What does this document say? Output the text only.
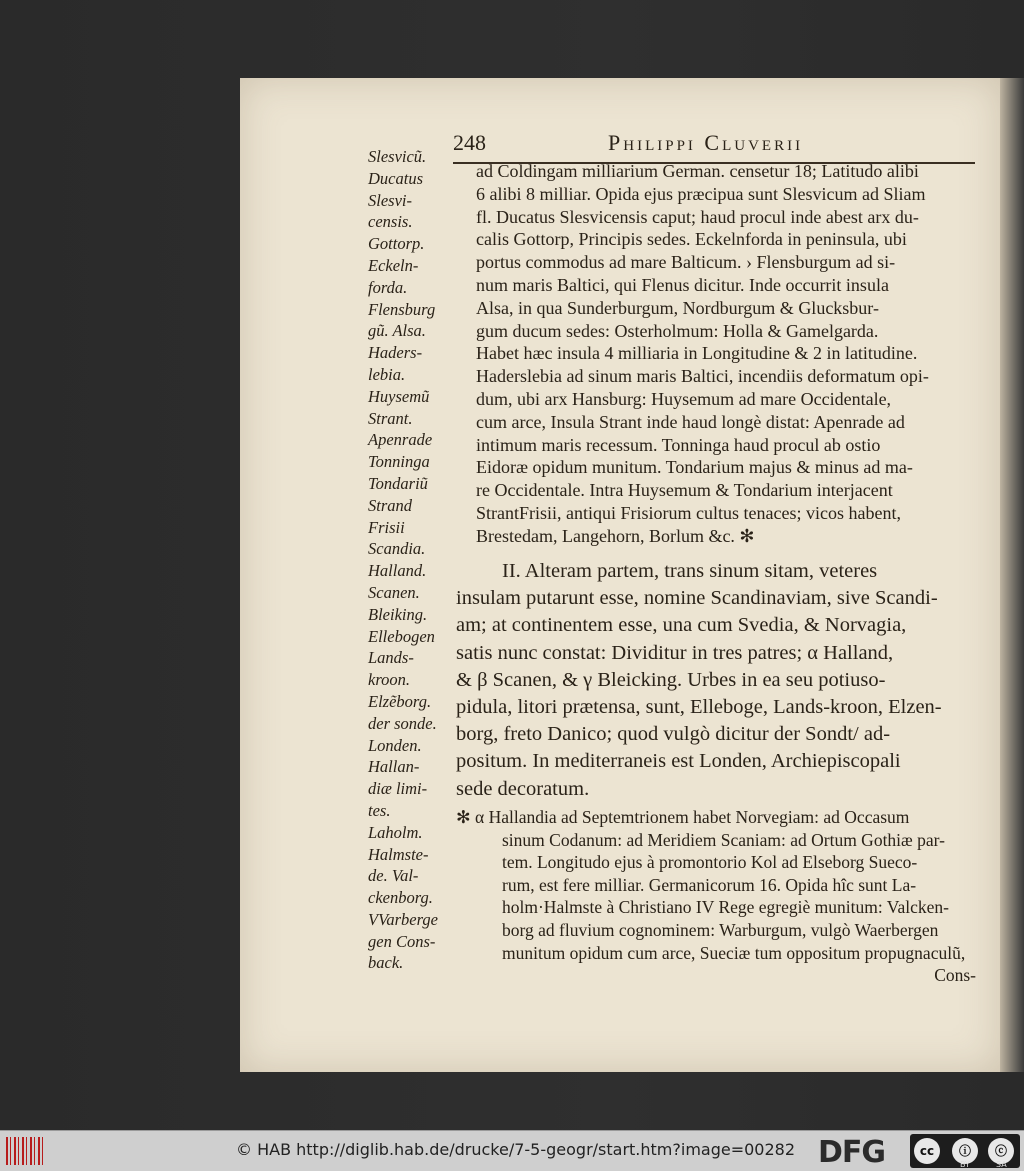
248	Philippi Cluverii
Slesvicũ.
Ducatus
Slesvi-
censis.
Gottorp.
Eckeln-
forda.
Flensburg
gũ. Alsa.
Haders-
lebia.
Huysemũ
Strant.
Apenrade
Tonninga
Tondariũ
Strand
Frisii
Scandia.
Halland.
Scanen.
Bleiking.
Ellebogen
Lands-
kroon.
Elzẽborg.
der sonde.
Londen.
Hallan-
diæ limi-
tes.
Laholm.
Halmste-
de. Val-
ckenborg.
VVarberge
gen Cons-
back.
ad Coldingam milliarium German. censetur 18; Latitudo alibi
6 alibi 8 milliar. Opida ejus præcipua sunt Slesvicum ad Sliam
fl. Ducatus Slesvicensis caput; haud procul inde abest arx du-
calis Gottorp, Principis sedes. Eckelnforda in peninsula, ubi
portus commodus ad mare Balticum. › Flensburgum ad si-
num maris Baltici, qui Flenus dicitur. Inde occurrit insula
Alsa, in qua Sunderburgum, Nordburgum & Glucksbur-
gum ducum sedes: Osterholmum: Holla & Gamelgarda.
Habet hæc insula 4 milliaria in Longitudine & 2 in latitudine.
Haderslebia ad sinum maris Baltici, incendiis deformatum opi-
dum, ubi arx Hansburg: Huysemum ad mare Occidentale,
cum arce, Insula Strant inde haud longè distat: Apenrade ad
intimum maris recessum. Tonninga haud procul ab ostio
Eidoræ opidum munitum. Tondarium majus & minus ad ma-
re Occidentale. Intra Huysemum & Tondarium interjacent
StrantFrisii, antiqui Frisiorum cultus tenaces; vicos habent,
Brestedam, Langehorn, Borlum &c. ✻
II. Alteram partem, trans sinum sitam, veteres
insulam putarunt esse, nomine Scandinaviam, sive Scandi-
am; at continentem esse, una cum Svedia, & Norvagia,
satis nunc constat: Dividitur in tres patres; α Halland,
& β Scanen, & γ Bleicking. Urbes in ea seu potiuso-
pidula, litori prætensa, sunt, Elleboge, Lands-kroon, Elzen-
borg, freto Danico; quod vulgò dicitur der Sondt/ ad-
positum. In mediterraneis est Londen, Archiepiscopali
sede decoratum.
✻ α Hallandia ad Septemtrionem habet Norvegiam: ad Occasum
sinum Codanum: ad Meridiem Scaniam: ad Ortum Gothiæ par-
tem. Longitudo ejus à promontorio Kol ad Elseborg Sueco-
rum, est fere milliar. Germanicorum 16. Opida hîc sunt La-
holm·Halmste à Christiano IV Rege egregiè munitum: Valcken-
borg ad fluvium cognominem: Warburgum, vulgò Waerbergen
munitum opidum cum arce, Sueciæ tum oppositum propugnaculũ,
Cons-
© HAB http://diglib.hab.de/drucke/7-5-geogr/start.htm?image=00282 DFG	cc	ⓘ	ⓒ
BY	SA
